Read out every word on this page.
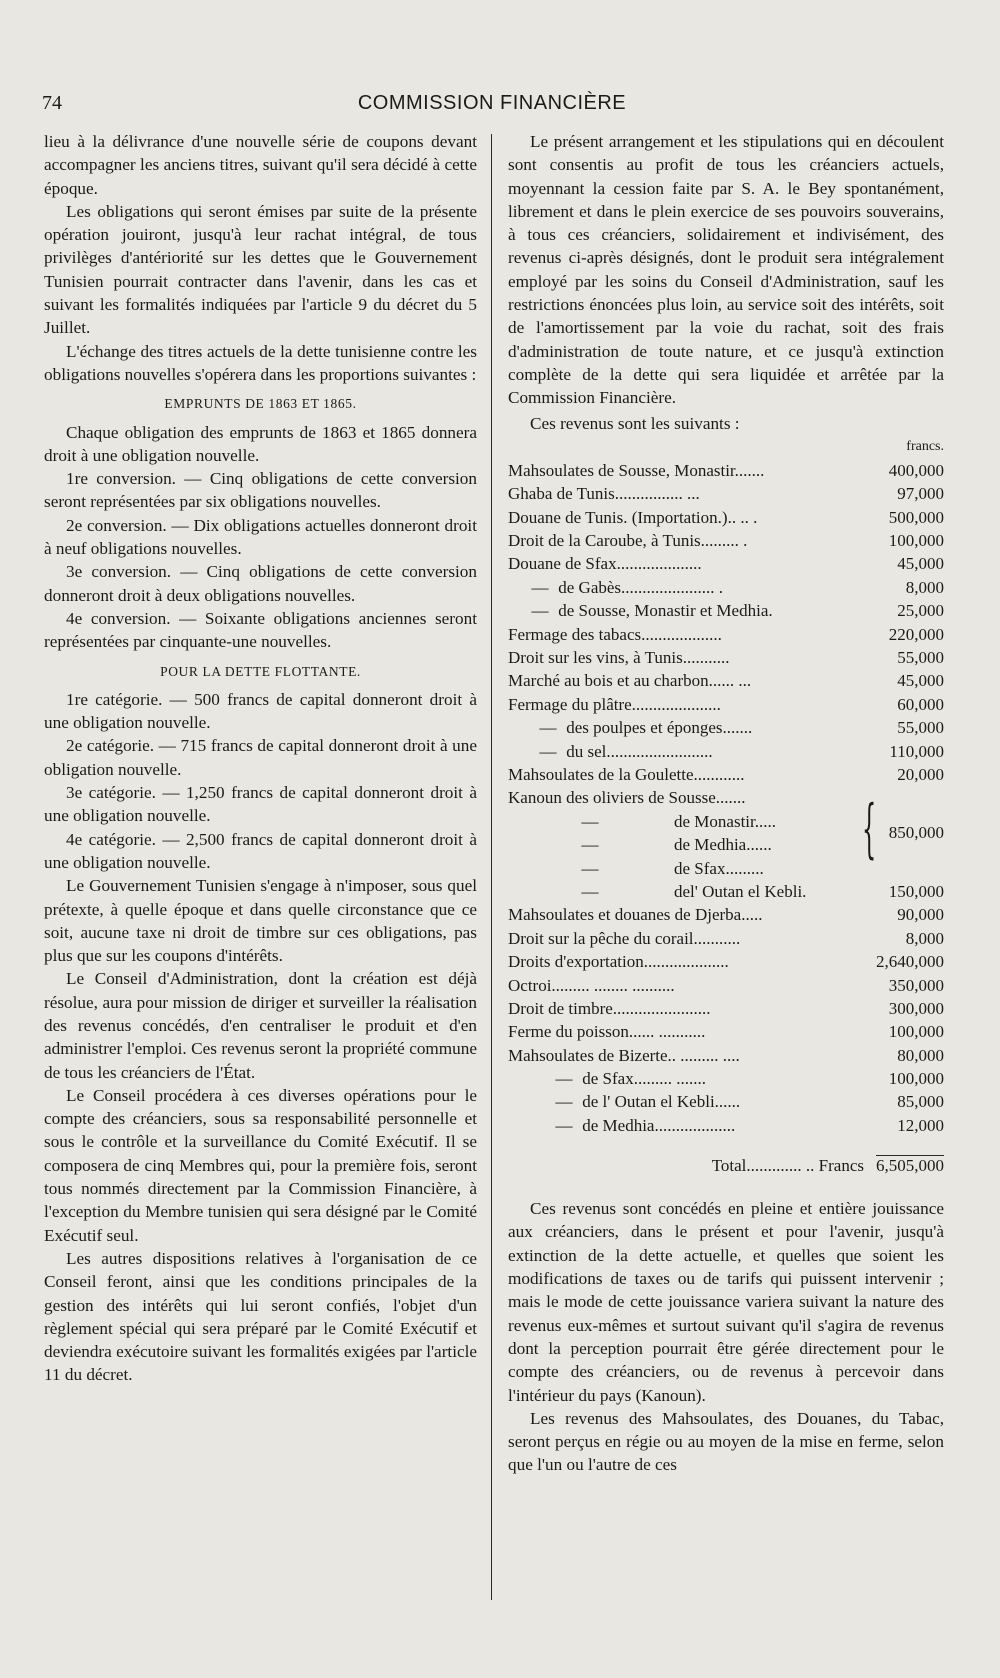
74	COMMISSION FINANCIÈRE

lieu à la délivrance d'une nouvelle série de coupons devant accompagner les anciens titres, suivant qu'il sera décidé à cette époque.

Les obligations qui seront émises par suite de la présente opération jouiront, jusqu'à leur rachat intégral, de tous privilèges d'antériorité sur les dettes que le Gouvernement Tunisien pourrait contracter dans l'avenir, dans les cas et suivant les formalités indiquées par l'article 9 du décret du 5 Juillet.

L'échange des titres actuels de la dette tunisienne contre les obligations nouvelles s'opérera dans les proportions suivantes :

EMPRUNTS DE 1863 ET 1865.

Chaque obligation des emprunts de 1863 et 1865 donnera droit à une obligation nouvelle.

1re conversion. — Cinq obligations de cette conversion seront représentées par six obligations nouvelles.

2e conversion. — Dix obligations actuelles donneront droit à neuf obligations nouvelles.

3e conversion. — Cinq obligations de cette conversion donneront droit à deux obligations nouvelles.

4e conversion. — Soixante obligations anciennes seront représentées par cinquante-une nouvelles.

POUR LA DETTE FLOTTANTE.

1re catégorie. — 500 francs de capital donneront droit à une obligation nouvelle.

2e catégorie. — 715 francs de capital donneront droit à une obligation nouvelle.

3e catégorie. — 1,250 francs de capital donneront droit à une obligation nouvelle.

4e catégorie. — 2,500 francs de capital donneront droit à une obligation nouvelle.

Le Gouvernement Tunisien s'engage à n'imposer, sous quel prétexte, à quelle époque et dans quelle circonstance que ce soit, aucune taxe ni droit de timbre sur ces obligations, pas plus que sur les coupons d'intérêts.

Le Conseil d'Administration, dont la création est déjà résolue, aura pour mission de diriger et surveiller la réalisation des revenus concédés, d'en centraliser le produit et d'en administrer l'emploi. Ces revenus seront la propriété commune de tous les créanciers de l'État.

Le Conseil procédera à ces diverses opérations pour le compte des créanciers, sous sa responsabilité personnelle et sous le contrôle et la surveillance du Comité Exécutif. Il se composera de cinq Membres qui, pour la première fois, seront tous nommés directement par la Commission Financière, à l'exception du Membre tunisien qui sera désigné par le Comité Exécutif seul.

Les autres dispositions relatives à l'organisation de ce Conseil feront, ainsi que les conditions principales de la gestion des intérêts qui lui seront confiés, l'objet d'un règlement spécial qui sera préparé par le Comité Exécutif et deviendra exécutoire suivant les formalités exigées par l'article 11 du décret.

Le présent arrangement et les stipulations qui en découlent sont consentis au profit de tous les créanciers actuels, moyennant la cession faite par S. A. le Bey spontanément, librement et dans le plein exercice de ses pouvoirs souverains, à tous ces créanciers, solidairement et indivisément, des revenus ci-après désignés, dont le produit sera intégralement employé par les soins du Conseil d'Administration, sauf les restrictions énoncées plus loin, au service soit des intérêts, soit de l'amortissement par la voie du rachat, soit des frais d'administration de toute nature, et ce jusqu'à extinction complète de la dette qui sera liquidée et arrêtée par la Commission Financière.

Ces revenus sont les suivants :

	francs.
Mahsoulates de Sousse, Monastir.......	400,000
Ghaba de Tunis................ ...	97,000
Douane de Tunis. (Importation.).. .. .	500,000
Droit de la Caroube, à Tunis......... .	100,000
Douane de Sfax....................	45,000
— de Gabès...................... .	8,000
— de Sousse, Monastir et Medhia.	25,000
Fermage des tabacs...................	220,000
Droit sur les vins, à Tunis...........	55,000
Marché au bois et au charbon...... ...	45,000
Fermage du plâtre.....................	60,000
— des poulpes et éponges.......	55,000
— du sel.........................	110,000
Mahsoulates de la Goulette............	20,000
Kanoun des oliviers de Sousse.......	
— de Monastir.....	
— de Medhia......	{ 850,000
— de Sfax.........	
— del' Outan el Kebli.	150,000
Mahsoulates et douanes de Djerba.....	90,000
Droit sur la pêche du corail...........	8,000
Droits d'exportation....................	2,640,000
Octroi......... ........ ..........	350,000
Droit de timbre.......................	300,000
Ferme du poisson...... ...........	100,000
Mahsoulates de Bizerte.. ......... ....	80,000
— de Sfax......... .......	100,000
— de l' Outan el Kebli......	85,000
— de Medhia...................	12,000
Total............. .. Francs	6,505,000

Ces revenus sont concédés en pleine et entière jouissance aux créanciers, dans le présent et pour l'avenir, jusqu'à extinction de la dette actuelle, et quelles que soient les modifications de taxes ou de tarifs qui puissent intervenir ; mais le mode de cette jouissance variera suivant la nature des revenus eux-mêmes et surtout suivant qu'il s'agira de revenus dont la perception pourrait être gérée directement pour le compte des créanciers, ou de revenus à percevoir dans l'intérieur du pays (Kanoun).

Les revenus des Mahsoulates, des Douanes, du Tabac, seront perçus en régie ou au moyen de la mise en ferme, selon que l'un ou l'autre de ces
